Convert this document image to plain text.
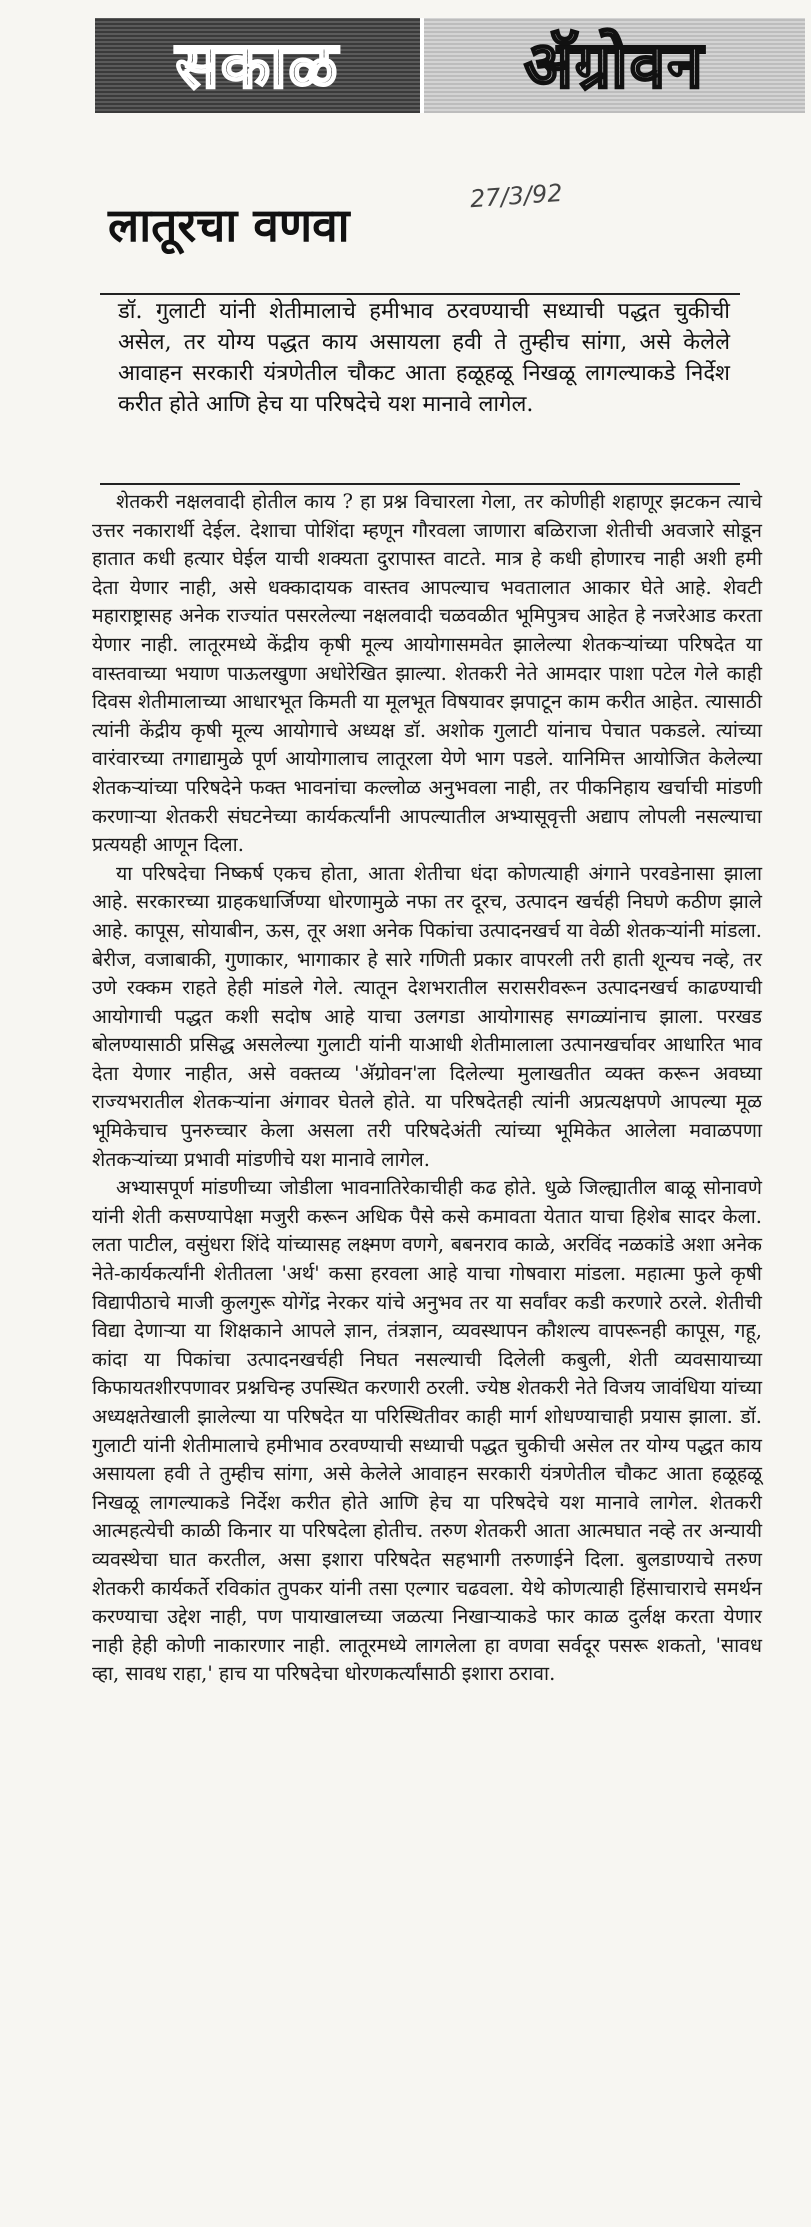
सकाळ	अ‍ॅग्रोवन
27/3/92
लातूरचा वणवा

डॉ. गुलाटी यांनी शेतीमालाचे हमीभाव ठरवण्याची सध्याची पद्धत चुकीची असेल, तर योग्य पद्धत काय असायला हवी ते तुम्हीच सांगा, असे केलेले आवाहन सरकारी यंत्रणेतील चौकट आता हळूहळू निखळू लागल्याकडे निर्देश करीत होते आणि हेच या परिषदेचे यश मानावे लागेल.

शेतकरी नक्षलवादी होतील काय ? हा प्रश्न विचारला गेला, तर कोणीही शहाणूर झटकन त्याचे उत्तर नकारार्थी देईल. देशाचा पोशिंदा म्हणून गौरवला जाणारा बळिराजा शेतीची अवजारे सोडून हातात कधी हत्यार घेईल याची शक्यता दुरापास्त वाटते. मात्र हे कधी होणारच नाही अशी हमी देता येणार नाही, असे धक्कादायक वास्तव आपल्याच भवतालात आकार घेते आहे. शेवटी महाराष्ट्रासह अनेक राज्यांत पसरलेल्या नक्षलवादी चळवळीत भूमिपुत्रच आहेत हे नजरेआड करता येणार नाही. लातूरमध्ये केंद्रीय कृषी मूल्य आयोगासमवेत झालेल्या शेतकऱ्यांच्या परिषदेत या वास्तवाच्या भयाण पाऊलखुणा अधोरेखित झाल्या. शेतकरी नेते आमदार पाशा पटेल गेले काही दिवस शेतीमालाच्या आधारभूत किमती या मूलभूत विषयावर झपाटून काम करीत आहेत. त्यासाठी त्यांनी केंद्रीय कृषी मूल्य आयोगाचे अध्यक्ष डॉ. अशोक गुलाटी यांनाच पेचात पकडले. त्यांच्या वारंवारच्या तगाद्यामुळे पूर्ण आयोगालाच लातूरला येणे भाग पडले. यानिमित्त आयोजित केलेल्या शेतकऱ्यांच्या परिषदेने फक्त भावनांचा कल्लोळ अनुभवला नाही, तर पीकनिहाय खर्चाची मांडणी करणाऱ्या शेतकरी संघटनेच्या कार्यकर्त्यांनी आपल्यातील अभ्यासूवृत्ती अद्याप लोपली नसल्याचा प्रत्ययही आणून दिला.

या परिषदेचा निष्कर्ष एकच होता, आता शेतीचा धंदा कोणत्याही अंगाने परवडेनासा झाला आहे. सरकारच्या ग्राहकधार्जिण्या धोरणामुळे नफा तर दूरच, उत्पादन खर्चही निघणे कठीण झाले आहे. कापूस, सोयाबीन, ऊस, तूर अशा अनेक पिकांचा उत्पादनखर्च या वेळी शेतकऱ्यांनी मांडला. बेरीज, वजाबाकी, गुणाकार, भागाकार हे सारे गणिती प्रकार वापरली तरी हाती शून्यच नव्हे, तर उणे रक्कम राहते हेही मांडले गेले. त्यातून देशभरातील सरासरीवरून उत्पादनखर्च काढण्याची आयोगाची पद्धत कशी सदोष आहे याचा उलगडा आयोगासह सगळ्यांनाच झाला. परखड बोलण्यासाठी प्रसिद्ध असलेल्या गुलाटी यांनी याआधी शेतीमालाला उत्पानखर्चावर आधारित भाव देता येणार नाहीत, असे वक्तव्य 'अ‍ॅग्रोवन'ला दिलेल्या मुलाखतीत व्यक्त करून अवघ्या राज्यभरातील शेतकऱ्यांना अंगावर घेतले होते. या परिषदेतही त्यांनी अप्रत्यक्षपणे आपल्या मूळ भूमिकेचाच पुनरुच्चार केला असला तरी परिषदेअंती त्यांच्या भूमिकेत आलेला मवाळपणा शेतकऱ्यांच्या प्रभावी मांडणीचे यश मानावे लागेल.

अभ्यासपूर्ण मांडणीच्या जोडीला भावनातिरेकाचीही कढ होते. धुळे जिल्ह्यातील बाळू सोनावणे यांनी शेती कसण्यापेक्षा मजुरी करून अधिक पैसे कसे कमावता येतात याचा हिशेब सादर केला. लता पाटील, वसुंधरा शिंदे यांच्यासह लक्ष्मण वणगे, बबनराव काळे, अरविंद नळकांडे अशा अनेक नेते-कार्यकर्त्यांनी शेतीतला 'अर्थ' कसा हरवला आहे याचा गोषवारा मांडला. महात्मा फुले कृषी विद्यापीठाचे माजी कुलगुरू योगेंद्र नेरकर यांचे अनुभव तर या सर्वांवर कडी करणारे ठरले. शेतीची विद्या देणाऱ्या या शिक्षकाने आपले ज्ञान, तंत्रज्ञान, व्यवस्थापन कौशल्य वापरूनही कापूस, गहू, कांदा या पिकांचा उत्पादनखर्चही निघत नसल्याची दिलेली कबुली, शेती व्यवसायाच्या किफायतशीरपणावर प्रश्नचिन्ह उपस्थित करणारी ठरली. ज्येष्ठ शेतकरी नेते विजय जावंधिया यांच्या अध्यक्षतेखाली झालेल्या या परिषदेत या परिस्थितीवर काही मार्ग शोधण्याचाही प्रयास झाला. डॉ. गुलाटी यांनी शेतीमालाचे हमीभाव ठरवण्याची सध्याची पद्धत चुकीची असेल तर योग्य पद्धत काय असायला हवी ते तुम्हीच सांगा, असे केलेले आवाहन सरकारी यंत्रणेतील चौकट आता हळूहळू निखळू लागल्याकडे निर्देश करीत होते आणि हेच या परिषदेचे यश मानावे लागेल. शेतकरी आत्महत्येची काळी किनार या परिषदेला होतीच. तरुण शेतकरी आता आत्मघात नव्हे तर अन्यायी व्यवस्थेचा घात करतील, असा इशारा परिषदेत सहभागी तरुणाईने दिला. बुलडाण्याचे तरुण शेतकरी कार्यकर्ते रविकांत तुपकर यांनी तसा एल्गार चढवला. येथे कोणत्याही हिंसाचाराचे समर्थन करण्याचा उद्देश नाही, पण पायाखालच्या जळत्या निखाऱ्याकडे फार काळ दुर्लक्ष करता येणार नाही हेही कोणी नाकारणार नाही. लातूरमध्ये लागलेला हा वणवा सर्वदूर पसरू शकतो, 'सावध व्हा, सावध राहा,' हाच या परिषदेचा धोरणकर्त्यांसाठी इशारा ठरावा.
